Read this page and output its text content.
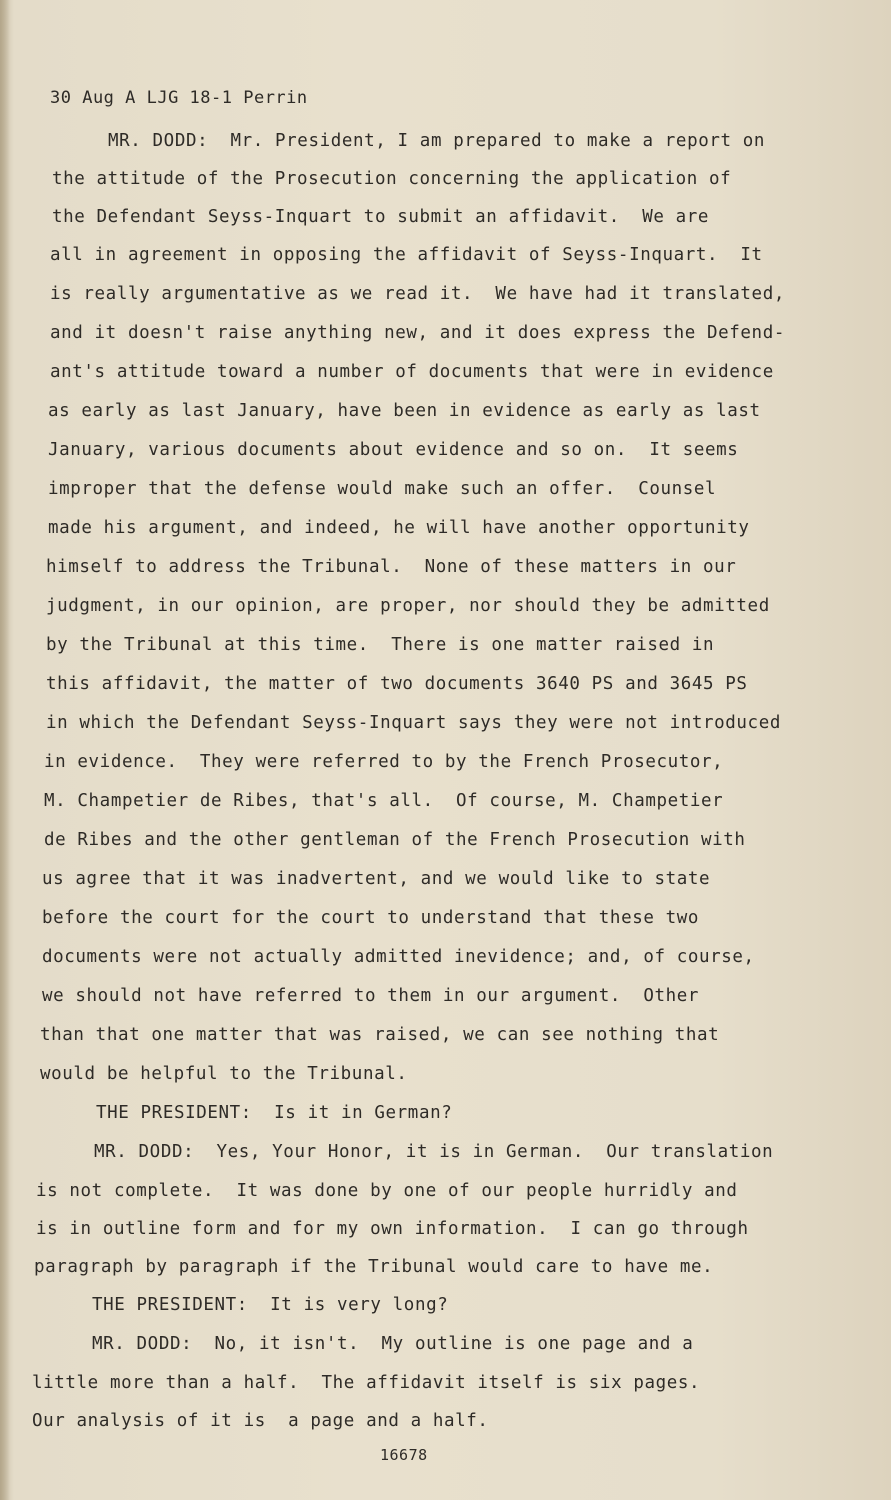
30 Aug A LJG 18-1 Perrin
MR. DODD:  Mr. President, I am prepared to make a report on
the attitude of the Prosecution concerning the application of
the Defendant Seyss-Inquart to submit an affidavit.  We are
all in agreement in opposing the affidavit of Seyss-Inquart.  It
is really argumentative as we read it.  We have had it translated,
and it doesn't raise anything new, and it does express the Defend-
ant's attitude toward a number of documents that were in evidence
as early as last January, have been in evidence as early as last
January, various documents about evidence and so on.  It seems
improper that the defense would make such an offer.  Counsel
made his argument, and indeed, he will have another opportunity
himself to address the Tribunal.  None of these matters in our
judgment, in our opinion, are proper, nor should they be admitted
by the Tribunal at this time.  There is one matter raised in
this affidavit, the matter of two documents 3640 PS and 3645 PS
in which the Defendant Seyss-Inquart says they were not introduced
in evidence.  They were referred to by the French Prosecutor,
M. Champetier de Ribes, that's all.  Of course, M. Champetier
de Ribes and the other gentleman of the French Prosecution with
us agree that it was inadvertent, and we would like to state
before the court for the court to understand that these two
documents were not actually admitted inevidence; and, of course,
we should not have referred to them in our argument.  Other
than that one matter that was raised, we can see nothing that
would be helpful to the Tribunal.
THE PRESIDENT:  Is it in German?
MR. DODD:  Yes, Your Honor, it is in German.  Our translation
is not complete.  It was done by one of our people hurridly and
is in outline form and for my own information.  I can go through
paragraph by paragraph if the Tribunal would care to have me.
THE PRESIDENT:  It is very long?
MR. DODD:  No, it isn't.  My outline is one page and a
little more than a half.  The affidavit itself is six pages.
Our analysis of it is  a page and a half.
16678
